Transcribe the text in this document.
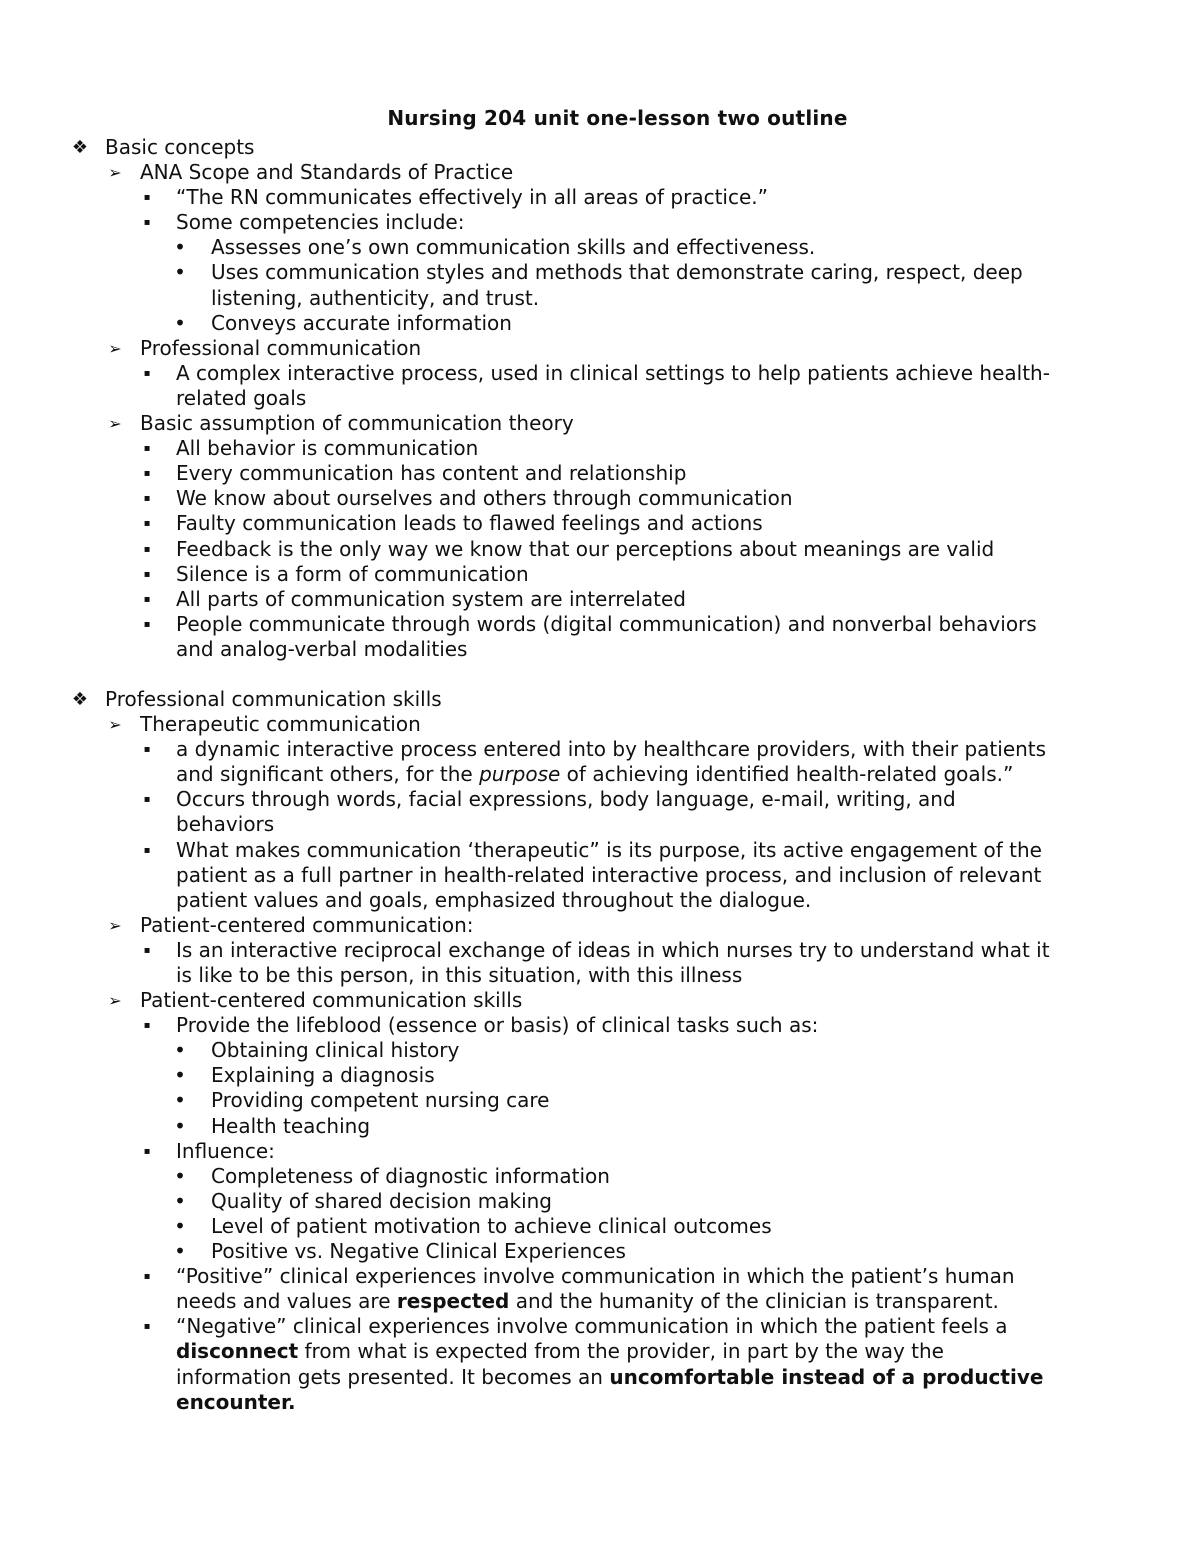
Nursing 204 unit one-lesson two outline
❖ Basic concepts
➢ ANA Scope and Standards of Practice
▪ “The RN communicates effectively in all areas of practice.”
▪ Some competencies include:
• Assesses one’s own communication skills and effectiveness.
• Uses communication styles and methods that demonstrate caring, respect, deep
listening, authenticity, and trust.
• Conveys accurate information
➢ Professional communication
▪ A complex interactive process, used in clinical settings to help patients achieve health-
related goals
➢ Basic assumption of communication theory
▪ All behavior is communication
▪ Every communication has content and relationship
▪ We know about ourselves and others through communication
▪ Faulty communication leads to flawed feelings and actions
▪ Feedback is the only way we know that our perceptions about meanings are valid
▪ Silence is a form of communication
▪ All parts of communication system are interrelated
▪ People communicate through words (digital communication) and nonverbal behaviors
and analog-verbal modalities
❖ Professional communication skills
➢ Therapeutic communication
▪ a dynamic interactive process entered into by healthcare providers, with their patients
and significant others, for the purpose of achieving identified health-related goals.”
▪ Occurs through words, facial expressions, body language, e-mail, writing, and
behaviors
▪ What makes communication ‘therapeutic” is its purpose, its active engagement of the
patient as a full partner in health-related interactive process, and inclusion of relevant
patient values and goals, emphasized throughout the dialogue.
➢ Patient-centered communication:
▪ Is an interactive reciprocal exchange of ideas in which nurses try to understand what it
is like to be this person, in this situation, with this illness
➢ Patient-centered communication skills
▪ Provide the lifeblood (essence or basis) of clinical tasks such as:
• Obtaining clinical history
• Explaining a diagnosis
• Providing competent nursing care
• Health teaching
▪ Influence:
• Completeness of diagnostic information
• Quality of shared decision making
• Level of patient motivation to achieve clinical outcomes
• Positive vs. Negative Clinical Experiences
▪ “Positive” clinical experiences involve communication in which the patient’s human
needs and values are respected and the humanity of the clinician is transparent.
▪ “Negative” clinical experiences involve communication in which the patient feels a
disconnect from what is expected from the provider, in part by the way the
information gets presented. It becomes an uncomfortable instead of a productive
encounter.
